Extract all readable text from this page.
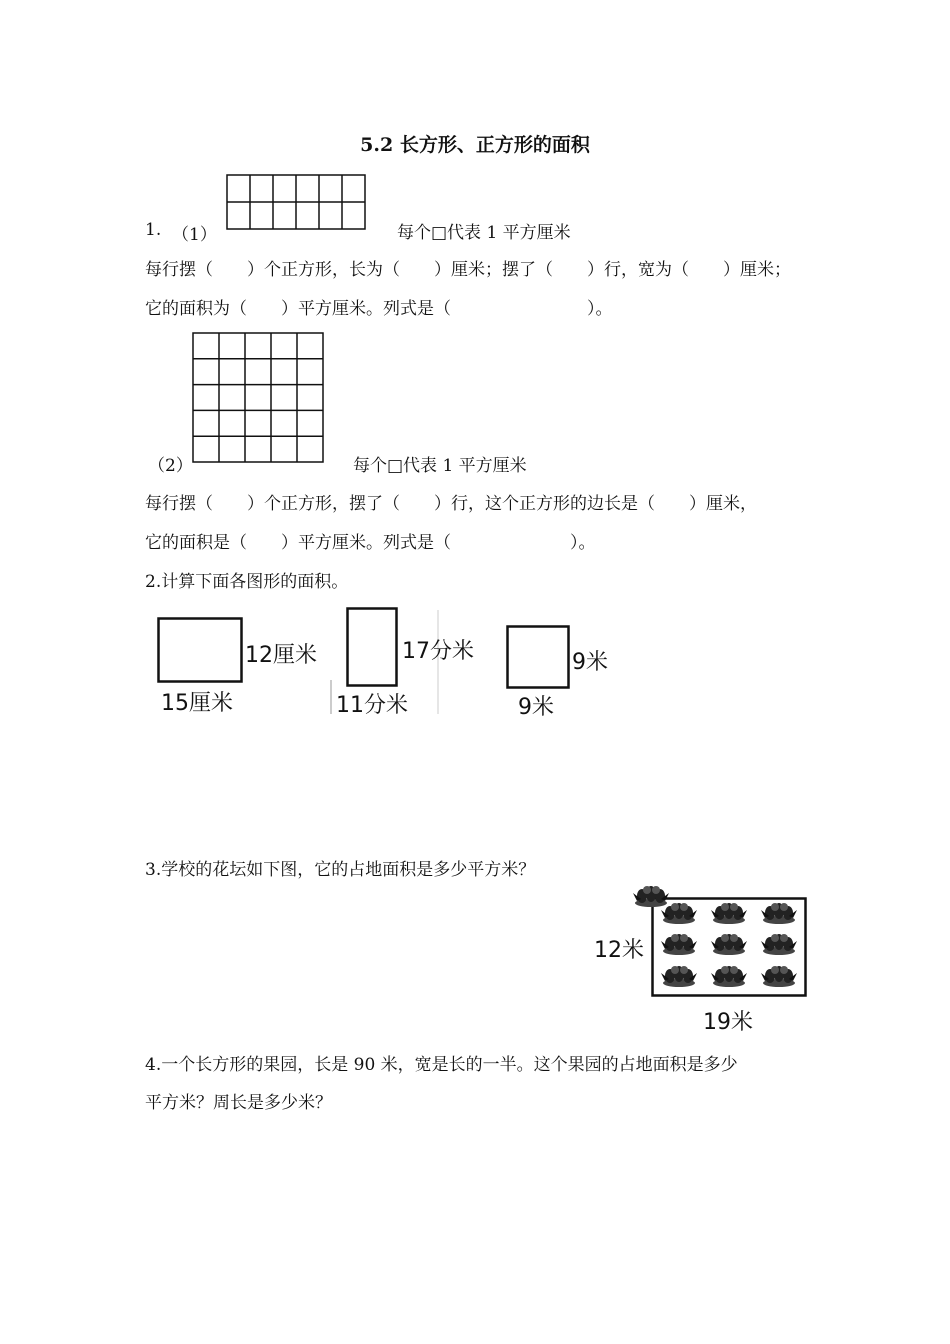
5.2 长方形、正方形的面积
1. （1）	每个□代表 1 平方厘米
每行摆（　　）个正方形，长为（　　）厘米；摆了（　　）行，宽为（　　）厘米；
它的面积为（　　）平方厘米。列式是（　　　　　　　　）。
（2）	每个□代表 1 平方厘米
每行摆（　　）个正方形，摆了（　　）行，这个正方形的边长是（　　）厘米，
它的面积是（　　）平方厘米。列式是（　　　　　　　）。
2.计算下面各图形的面积。
12厘米
15厘米
17分米
11分米
9米
9米
3.学校的花坛如下图，它的占地面积是多少平方米？
12米
19米
4.一个长方形的果园，长是 90 米，宽是长的一半。这个果园的占地面积是多少
平方米？周长是多少米？
